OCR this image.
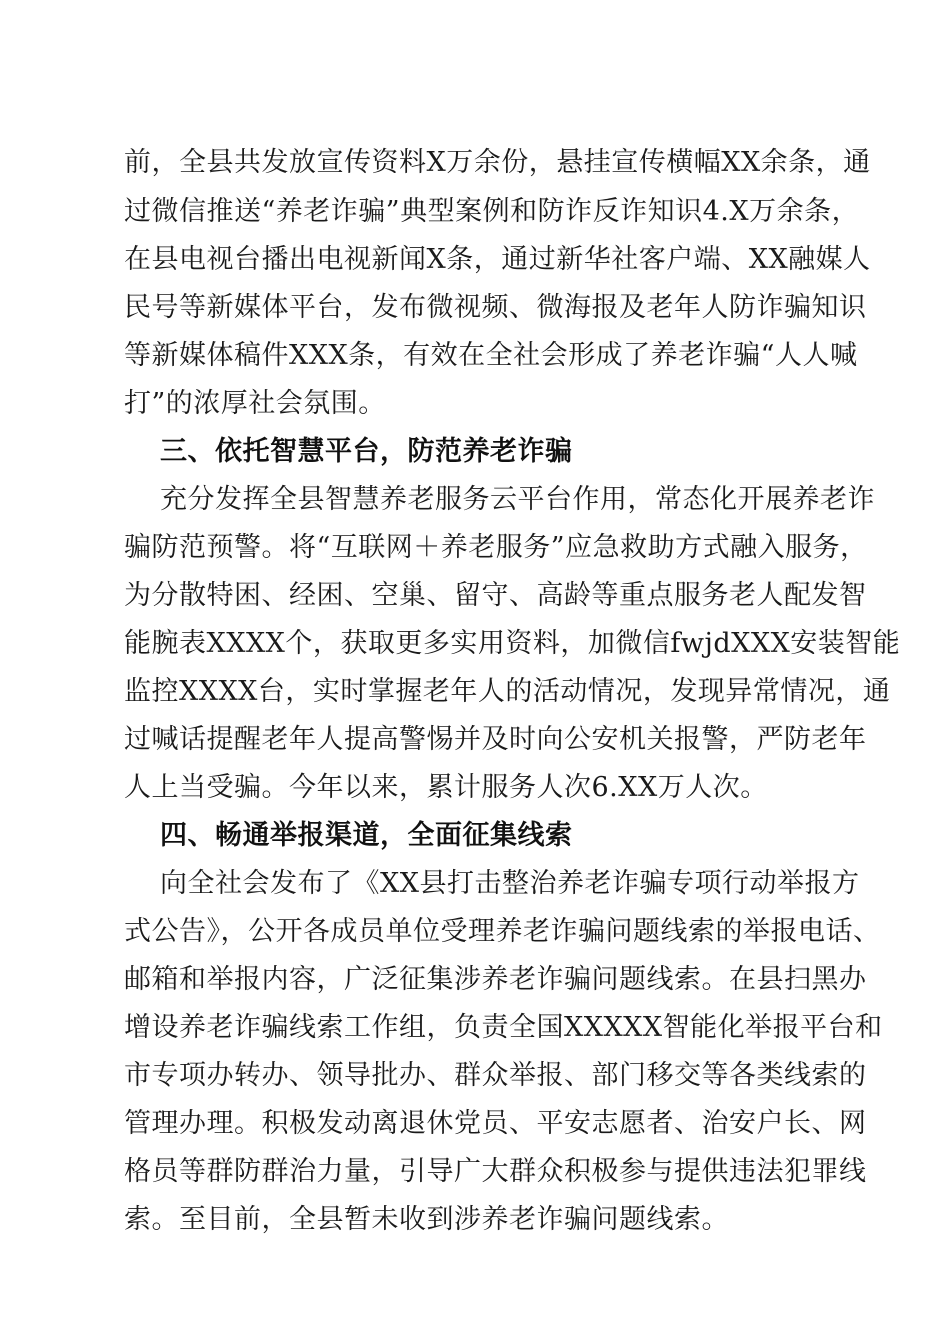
前，全县共发放宣传资料X万余份，悬挂宣传横幅XX余条，通
过微信推送“养老诈骗”典型案例和防诈反诈知识4.X万余条，
在县电视台播出电视新闻X条，通过新华社客户端、XX融媒人
民号等新媒体平台，发布微视频、微海报及老年人防诈骗知识
等新媒体稿件XXX条，有效在全社会形成了养老诈骗“人人喊
打”的浓厚社会氛围。
三、依托智慧平台，防范养老诈骗
充分发挥全县智慧养老服务云平台作用，常态化开展养老诈
骗防范预警。将“互联网＋养老服务”应急救助方式融入服务，
为分散特困、经困、空巢、留守、高龄等重点服务老人配发智
能腕表XXXX个，获取更多实用资料，加微信fwjdXXX安装智能
监控XXXX台，实时掌握老年人的活动情况，发现异常情况，通
过喊话提醒老年人提高警惕并及时向公安机关报警，严防老年
人上当受骗。今年以来，累计服务人次6.XX万人次。
四、畅通举报渠道，全面征集线索
向全社会发布了《XX县打击整治养老诈骗专项行动举报方
式公告》，公开各成员单位受理养老诈骗问题线索的举报电话、
邮箱和举报内容，广泛征集涉养老诈骗问题线索。在县扫黑办
增设养老诈骗线索工作组，负责全国XXXXX智能化举报平台和
市专项办转办、领导批办、群众举报、部门移交等各类线索的
管理办理。积极发动离退休党员、平安志愿者、治安户长、网
格员等群防群治力量，引导广大群众积极参与提供违法犯罪线
索。至目前，全县暂未收到涉养老诈骗问题线索。
